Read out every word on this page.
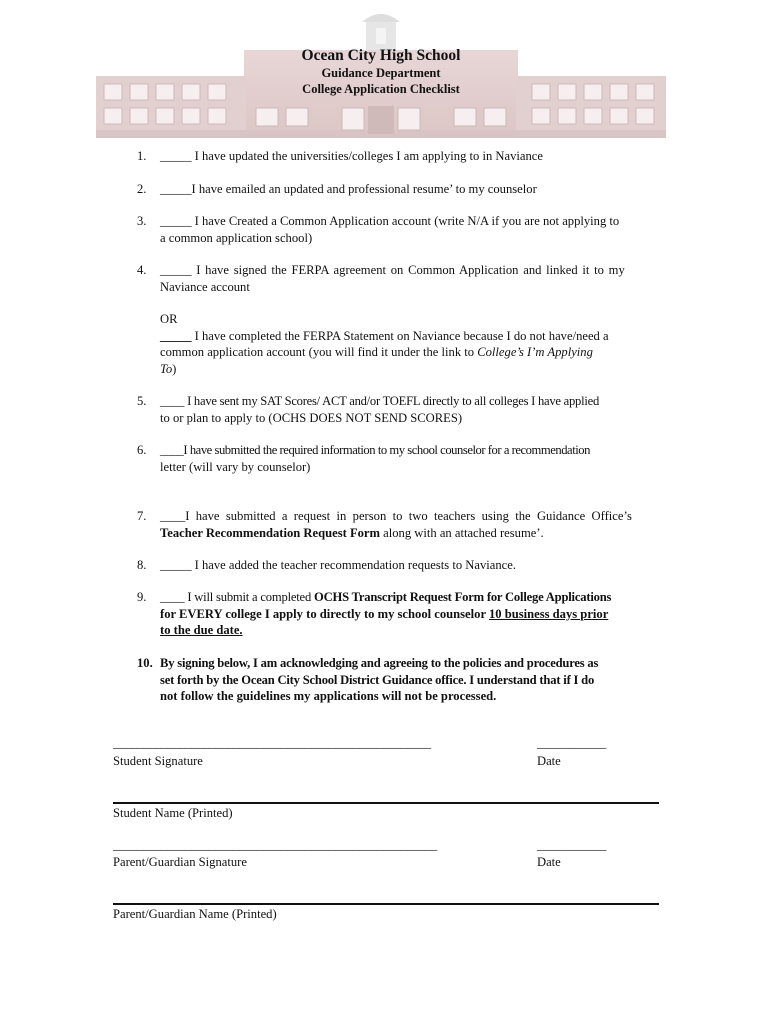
Ocean City High School
Guidance Department
College Application Checklist
1. _____ I have updated the universities/colleges I am applying to in Naviance
2. _____I have emailed an updated and professional resume’ to my counselor
3. _____ I have Created a Common Application account (write N/A if you are not applying to
a common application school)
4. _____ I have signed the FERPA agreement on Common Application and linked it to my
Naviance account
OR
_____ I have completed the FERPA Statement on Naviance because I do not have/need a
common application account (you will find it under the link to College’s I’m Applying
To)
5. ____ I have sent my SAT Scores/ ACT and/or TOEFL directly to all colleges I have applied
to or plan to apply to (OCHS DOES NOT SEND SCORES)
6. ____I have submitted the required information to my school counselor for a recommendation
letter (will vary by counselor)
7. ____I have submitted a request in person to two teachers using the Guidance Office’s
Teacher Recommendation Request Form along with an attached resume’.
8. _____ I have added the teacher recommendation requests to Naviance.
9. ____ I will submit a completed OCHS Transcript Request Form for College Applications
for EVERY college I apply to directly to my school counselor 10 business days prior
to the due date.
10. By signing below, I am acknowledging and agreeing to the policies and procedures as
set forth by the Ocean City School District Guidance office. I understand that if I do
not follow the guidelines my applications will not be processed.
_____________________________________________________	___________
Student Signature	Date
Student Name (Printed)
______________________________________________________	___________
Parent/Guardian Signature	Date
Parent/Guardian Name (Printed)
